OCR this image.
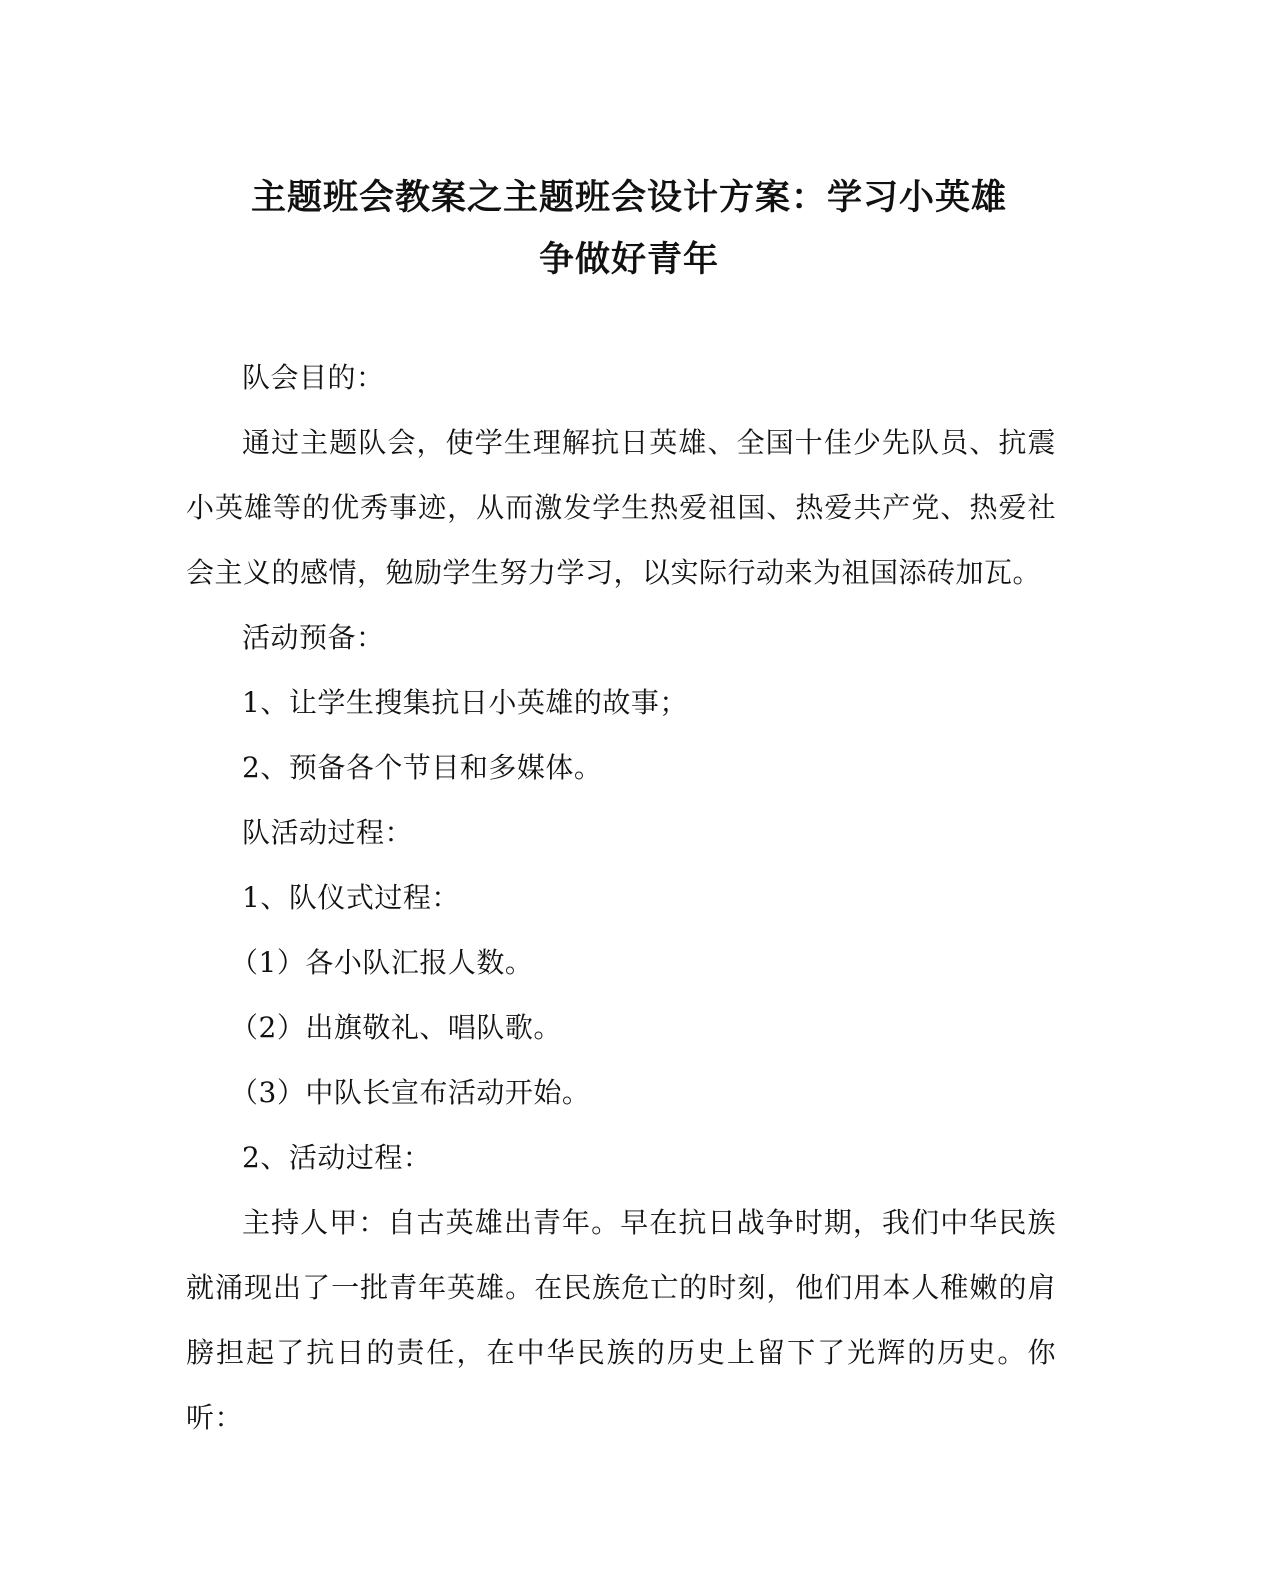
主题班会教案之主题班会设计方案：学习小英雄
争做好青年

队会目的：

通过主题队会，使学生理解抗日英雄、全国十佳少先队员、抗震小英雄等的优秀事迹，从而激发学生热爱祖国、热爱共产党、热爱社会主义的感情，勉励学生努力学习，以实际行动来为祖国添砖加瓦。

活动预备：

1、让学生搜集抗日小英雄的故事；

2、预备各个节目和多媒体。

队活动过程：

1、队仪式过程：

（1）各小队汇报人数。

（2）出旗敬礼、唱队歌。

（3）中队长宣布活动开始。

2、活动过程：

主持人甲：自古英雄出青年。早在抗日战争时期，我们中华民族就涌现出了一批青年英雄。在民族危亡的时刻，他们用本人稚嫩的肩膀担起了抗日的责任，在中华民族的历史上留下了光辉的历史。你听：
